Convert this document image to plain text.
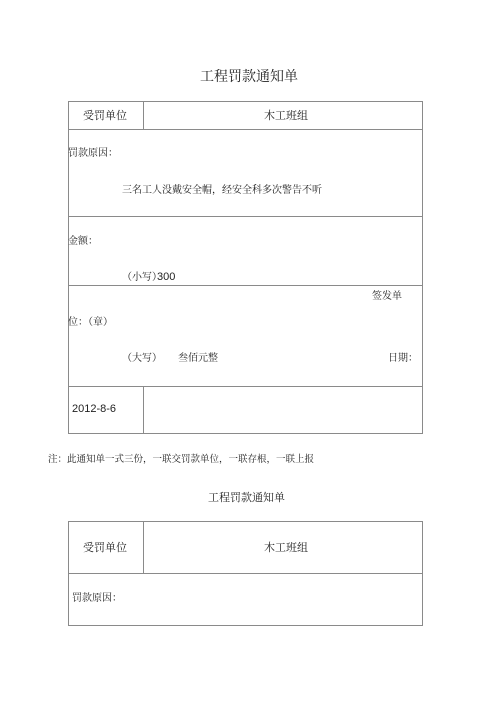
工程罚款通知单
受罚单位	木工班组
罚款原因：
三名工人没戴安全帽，经安全科多次警告不听
金额：
（小写）
300
签发单
位：（章）
（大写） 叁佰元整	日期：
2012-8-6
注：此通知单一式三份，一联交罚款单位，一联存根，一联上报
工程罚款通知单
受罚单位	木工班组
罚款原因：
